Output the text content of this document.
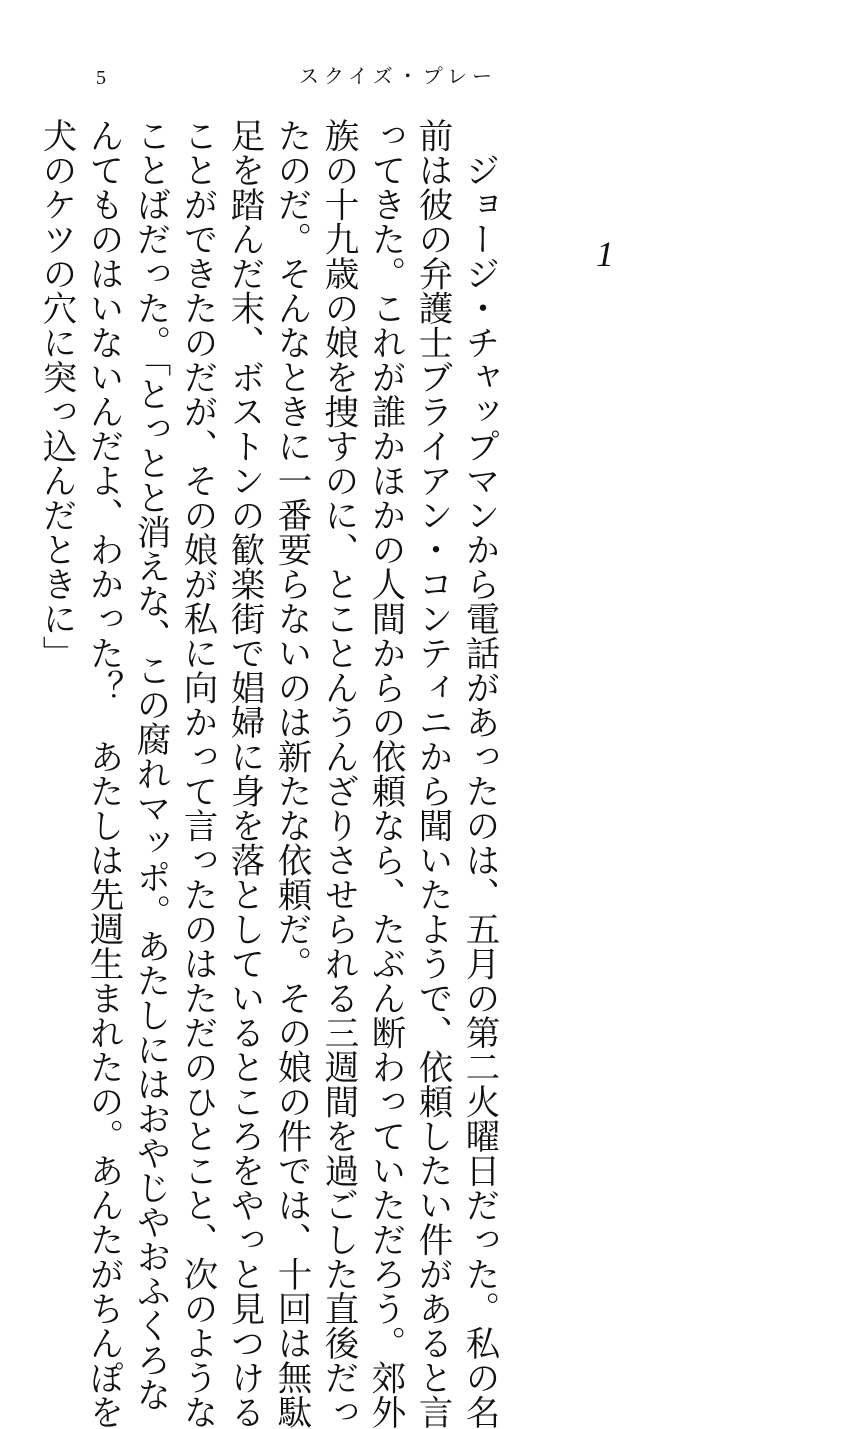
5	スクイズ・プレー
1
　ジョージ・チャップマンから電話があったのは、五月の第二火曜日だった。私の名
前は彼の弁護士ブライアン・コンティニから聞いたようで、依頼したい件があると言
ってきた。これが誰かほかの人間からの依頼なら、たぶん断わっていただろう。郊外
族の十九歳の娘を捜すのに、とことんうんざりさせられる三週間を過ごした直後だっ
たのだ。そんなときに一番要らないのは新たな依頼だ。その娘の件では、十回は無駄
足を踏んだ末、ボストンの歓楽街で娼婦に身を落としているところをやっと見つける
ことができたのだが、その娘が私に向かって言ったのはただのひとこと、次のような
ことばだった。「とっとと消えな、この腐れマッポ。あたしにはおやじやおふくろな
んてものはいないんだよ、わかった？　あたしは先週生まれたの。あんたがちんぽを
犬のケツの穴に突っ込んだときに」
